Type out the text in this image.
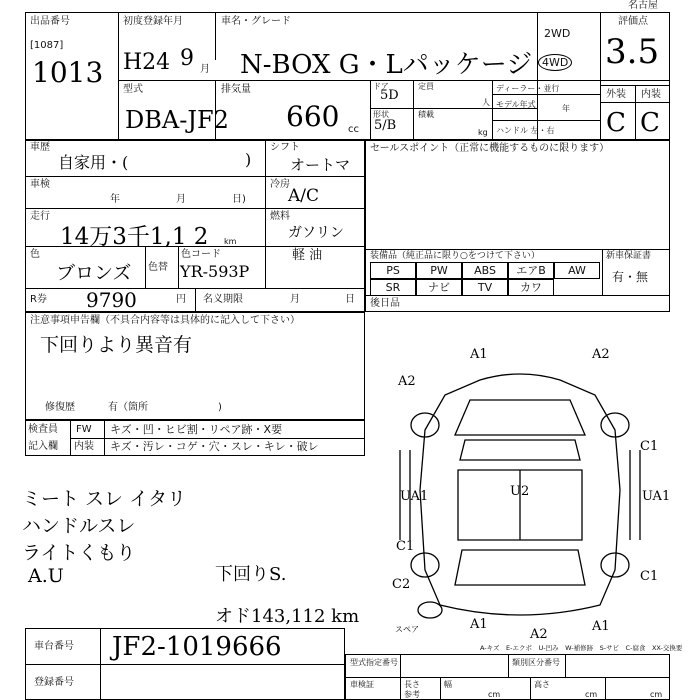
名古屋
出品番号
[1087]
1013
初度登録年月
H24 9 月
車名・グレード
N-BOX G・Lパッケージ
2WD
4WD
評価点
3.5
外装 内装
C C
型式
DBA-JF2
排気量
660 cc
ドア
5D
形状
5/B
定員
人
積載
kg
ディーラー・並行
モデル年式	年
ハンドル 左・右
車歴
自家用・(	)
シフト
オートマ
車検
年	月	日)
冷房
A/C
走行
14万3千1,1 2 km
燃料
ガソリン
軽 油
色
ブロンズ 色替
色コード
YR-593P
R券 9790	円 名义期限	月	日
セールスポイント（正常に機能するものに限ります）
装備品（純正品に限り○をつけて下さい）	新車保証書
有・無
後日品
PS	PW	ABS	エアB	AW
SR	ナビ	TV	カワ
注意事項申告欄（不具合内容等は具体的に記入して下さい）
下回りより異音有
修復歴	有（箇所	)
検査員
記入欄
FW キズ・凹・ヒビ割・リペア跡・X要
内装 キズ・汚レ・コゲ・穴・スレ・キレ・破レ
ミート スレ イタリ
ハンドルスレ
ライトくもり
A.U	下回りS.
オド143,112 km
A1	A2
A2
C1
UA1	U2	UA1
C1
C2
C1
A1
A2
A1
スペア
A-キズ　E-エクボ　U-凹み　W-補修跡　S-サビ　C-腐食　XX-交換要
車台番号 JF2-1019666
登録番号
型式指定番号	類別区分番号
車検証	長さ	幅	高さ
参考	cm	cm	cm
